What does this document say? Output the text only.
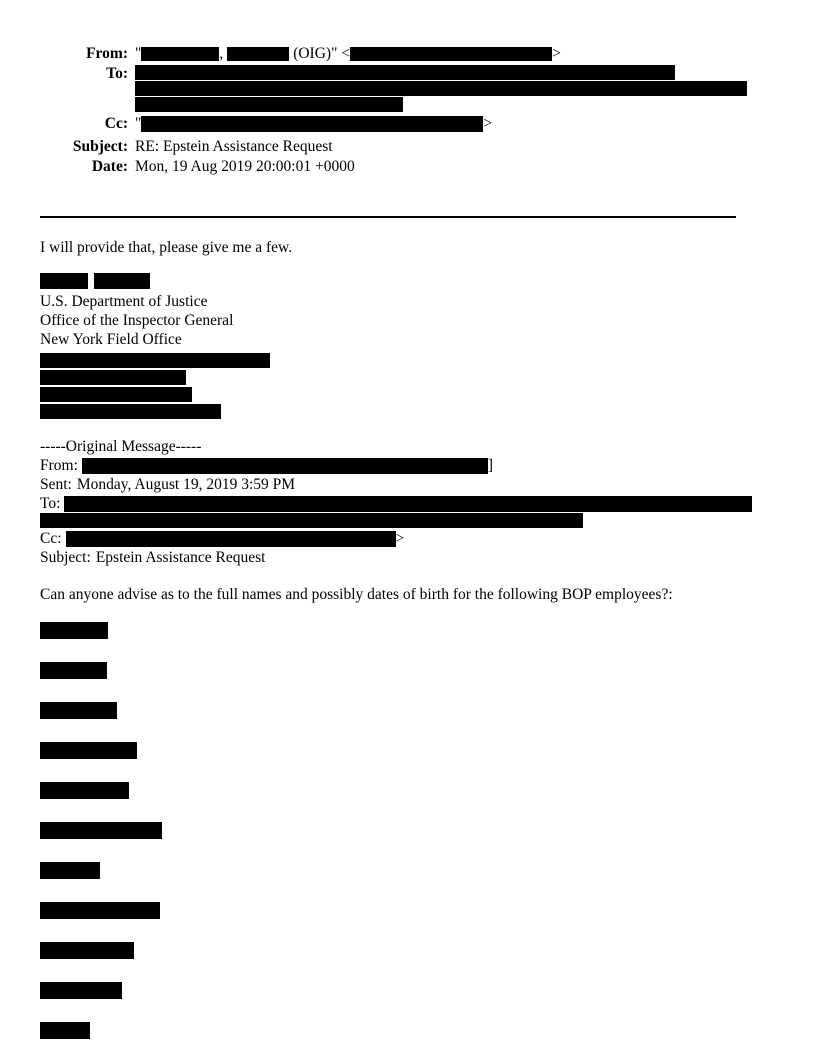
From: "	,	(OIG)" <	>
To:
Cc: "	>
Subject: RE: Epstein Assistance Request
Date: Mon, 19 Aug 2019 20:00:01 +0000

I will provide that, please give me a few.

U.S. Department of Justice

Office of the Inspector General

New York Field Office

-----Original Message-----

From:	]
Sent: Monday, August 19, 2019 3:59 PM
To:
Cc:	>
Subject: Epstein Assistance Request

Can anyone advise as to the full names and possibly dates of birth for the following BOP employees?:
